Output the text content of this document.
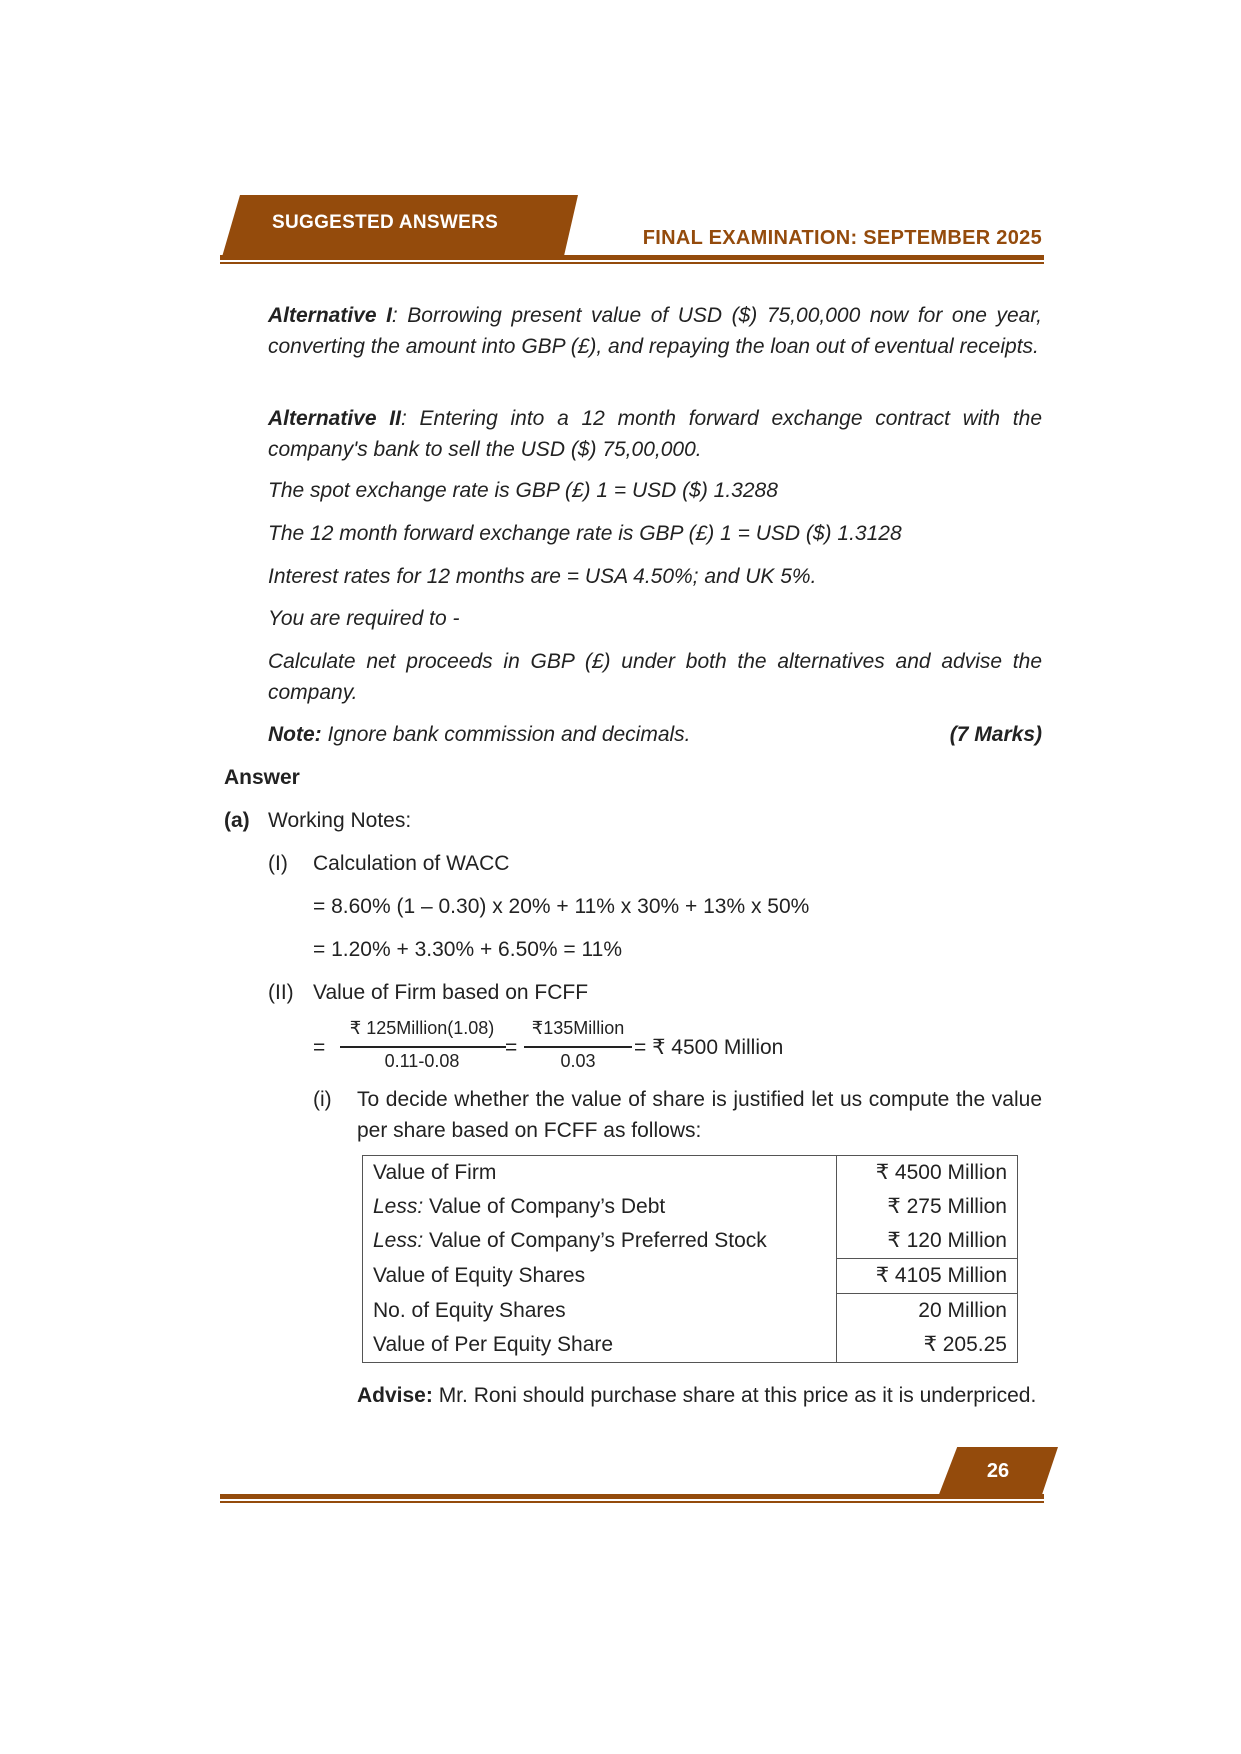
SUGGESTED ANSWERS
FINAL EXAMINATION: SEPTEMBER 2025
Alternative I: Borrowing present value of USD ($) 75,00,000 now for one year, converting the amount into GBP (£), and repaying the loan out of eventual receipts.
Alternative II: Entering into a 12 month forward exchange contract with the company's bank to sell the USD ($) 75,00,000.
The spot exchange rate is GBP (£) 1 = USD ($) 1.3288
The 12 month forward exchange rate is GBP (£) 1 = USD ($) 1.3128
Interest rates for 12 months are = USA 4.50%; and UK 5%.
You are required to -
Calculate net proceeds in GBP (£) under both the alternatives and advise the company.
Note: Ignore bank commission and decimals.	(7 Marks)
Answer
(a) Working Notes:
(I) Calculation of WACC
= 8.60% (1 – 0.30) x 20% + 11% x 30% + 13% x 50%
= 1.20% + 3.30% + 6.50% = 11%
(II) Value of Firm based on FCFF
=
₹ 125Million(1.08)
0.11-0.08
=
₹135Million
0.03
= ₹ 4500 Million
(i) To decide whether the value of share is justified let us compute the value per share based on FCFF as follows:
Value of Firm	₹ 4500 Million
Less: Value of Company’s Debt	₹ 275 Million
Less: Value of Company’s Preferred Stock	₹ 120 Million
Value of Equity Shares	₹ 4105 Million
No. of Equity Shares	20 Million
Value of Per Equity Share	₹ 205.25
Advise: Mr. Roni should purchase share at this price as it is underpriced.
26
